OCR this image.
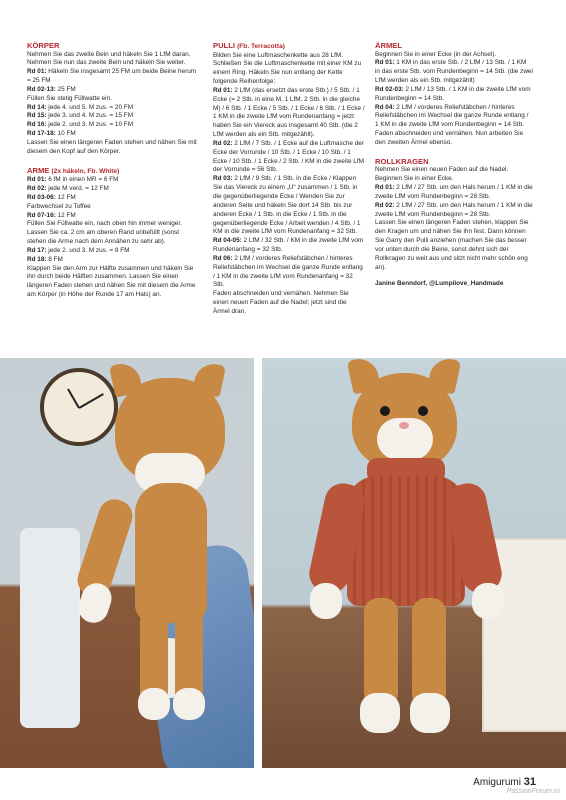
KÖRPER

Nehmen Sie das zweite Bein und häkeln Sie 1 LfM daran. Nehmen Sie nun das zweite Bein und häkeln Sie weiter.

Rd 01: Häkeln Sie insgesamt 25 FM um beide Beine herum = 25 FM

Rd 02-13: 25 FM

Füllen Sie stetig Füllwatte ein.

Rd 14: jede 4. und 5. M zus. = 20 FM

Rd 15: jede 3. und 4. M zus. = 15 FM

Rd 16: jede 2. und 3. M zus. = 10 FM

Rd 17-18: 10 FM

Lassen Sie einen längeren Faden stehen und nähen Sie mit diesem den Kopf auf den Körper.

ARME (2x häkeln, Fb. White)

Rd 01: 6 fM in einen MR = 6 FM

Rd 02: jede M verd. = 12 FM

Rd 03-06: 12 FM

Farbwechsel zu Toffee

Rd 07-16: 12 FM

Füllen Sie Füllwatte ein, nach oben hin immer weniger. Lassen Sie ca. 2 cm am oberen Rand unbefüllt (sonst stehen die Arme nach dem Annähen zu sehr ab).

Rd 17: jede 2. und 3. M zus. = 8 FM

Rd 18: 8 FM

Klappen Sie den Arm zur Hälfte zusammen und häkeln Sie ihn durch beide Hälften zusammen. Lassen Sie einen längeren Faden stehen und nähen Sie mit diesem die Arme am Körper (in Höhe der Runde 17 am Hals) an.

PULLI (Fb. Terracotta)

Bilden Sie eine Luftmaschenkette aus 28 LfM. Schließen Sie die Luftmaschenkette mit einer KM zu einem Ring. Häkeln Sie nun entlang der Kette folgende Reihenfolge:

Rd 01: 2 LfM (das ersetzt das erste Stb.) / 5 Stb. / 1 Ecke (= 2 Stb. in eine M, 1 LfM, 2 Stb. in die gleiche M) / 6 Stb. / 1 Ecke / 5 Stb. / 1 Ecke / 6 Stb. / 1 Ecke / 1 KM in die zweite LfM vom Rundenanfang = jetzt haben Sie ein Viereck aus insgesamt 40 Stb. (die 2 LfM werden als ein Stb. mitgezählt).

Rd 02: 2 LfM / 7 Stb. / 1 Ecke auf die Luftmasche der Ecke der Vorrunde / 10 Stb. / 1 Ecke / 10 Stb. / 1 Ecke / 10 Stb. / 1 Ecke / 2 Stb. / KM in die zweite LfM der Vorrunde = 56 Stb.

Rd 03: 2 LfM / 9 Stb. / 1 Stb. in die Ecke / Klappen Sie das Viereck zu einem „U“ zusammen / 1 Stb. in die gegenüberliegende Ecke / Wenden Sie zur anderen Seite und häkeln Sie dort 14 Stb. bis zur anderen Ecke / 1 Stb. in die Ecke / 1 Stb. in die gegenüberliegende Ecke / Arbeit wenden / 4 Stb. / 1 KM in die zweite LfM vom Rundenanfang = 32 Stb.

Rd 04-05: 2 LfM / 32 Stb. / KM in die zweite LfM vom Rundenanfang = 32 Stb.

Rd 06: 2 LfM / vorderes Reliefstäbchen / hinteres Reliefstäbchen im Wechsel die ganze Runde entlang / 1 KM in die zweite LfM vom Rundenanfang = 32 Stb.

Faden abschneiden und vernähen. Nehmen Sie einen neuen Faden auf die Nadel; jetzt sind die Ärmel dran.

ÄRMEL

Beginnen Sie in einer Ecke (in der Achsel).

Rd 01: 1 KM in das erste Stb. / 2 LfM / 13 Stb. / 1 KM in das erste Stb. vom Rundenbeginn = 14 Stb. (die zwei LfM werden als ein Stb. mitgezählt)

Rd 02-03: 2 LfM / 13 Stb. / 1 KM in die zweite LfM vom Rundenbeginn = 14 Stb.

Rd 04: 2 LfM / vorderes Reliefstäbchen / hinteres Reliefstäbchen im Wechsel die ganze Runde entlang / 1 KM in die zweite LfM vom Rundenbeginn = 14 Stb.

Faden abschneiden und vernähen. Nun arbeiten Sie den zweiten Ärmel ebenso.

ROLLKRAGEN

Nehmen Sie einen neuen Faden auf die Nadel. Beginnen Sie in einer Ecke.

Rd 01: 2 LfM / 27 Stb. um den Hals herum / 1 KM in die zweite LfM vom Rundenbeginn = 28 Stb.

Rd 02: 2 LfM / 27 Stb. um den Hals herum / 1 KM in die zweite LfM vom Rundenbeginn = 28 Stb.

Lassen Sie einen längeren Faden stehen, klappen Sie den Kragen um und nähen Sie ihn fest. Dann können Sie Garry den Pulli anziehen (machen Sie das besser vor unten durch die Beine, sonst dehnt sich der Rollkragen zu weit aus und sitzt nicht mehr schön eng an).

Janine Benndorf, @Lumpilove_Handmade
Amigurumi 31
PassionForum.ru
